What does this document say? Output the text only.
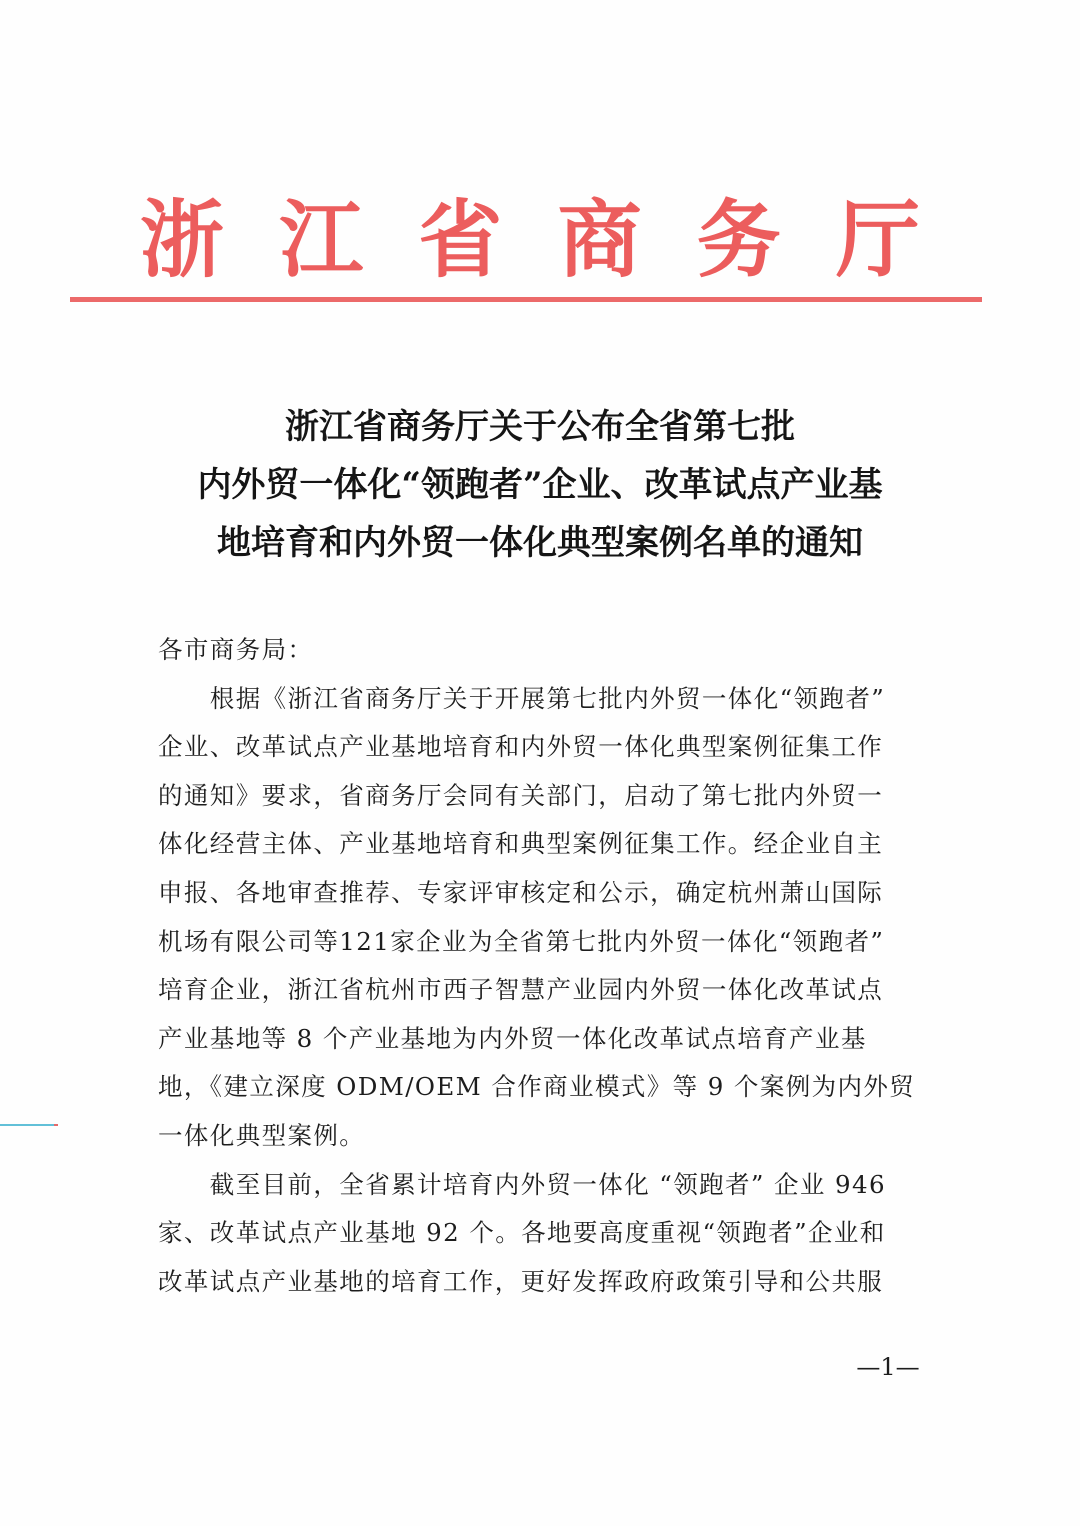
浙 江 省 商 务 厅
浙江省商务厅关于公布全省第七批
内外贸一体化“领跑者”企业、改革试点产业基
地培育和内外贸一体化典型案例名单的通知
各市商务局：
　　根据《浙江省商务厅关于开展第七批内外贸一体化“领跑者”
企业、改革试点产业基地培育和内外贸一体化典型案例征集工作
的通知》要求，省商务厅会同有关部门，启动了第七批内外贸一
体化经营主体、产业基地培育和典型案例征集工作。经企业自主
申报、各地审查推荐、专家评审核定和公示，确定杭州萧山国际
机场有限公司等121家企业为全省第七批内外贸一体化“领跑者”
培育企业，浙江省杭州市西子智慧产业园内外贸一体化改革试点
产业基地等 8 个产业基地为内外贸一体化改革试点培育产业基
地，《建立深度 ODM/OEM 合作商业模式》等 9 个案例为内外贸
一体化典型案例。
　　截至目前，全省累计培育内外贸一体化 “领跑者” 企业 946
家、改革试点产业基地 92 个。各地要高度重视“领跑者”企业和
改革试点产业基地的培育工作，更好发挥政府政策引导和公共服
—1—
